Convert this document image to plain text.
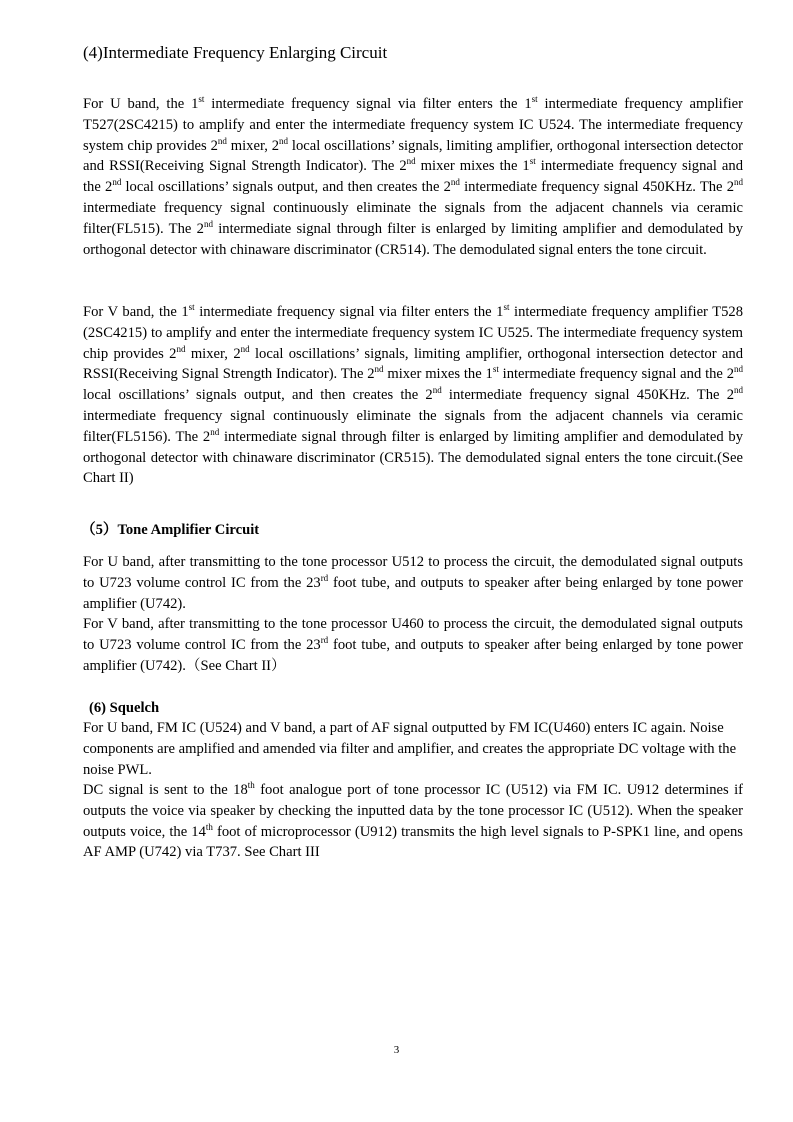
(4)Intermediate Frequency Enlarging Circuit

For U band, the 1st intermediate frequency signal via filter enters the 1st intermediate frequency amplifier T527(2SC4215) to amplify and enter the intermediate frequency system IC U524. The intermediate frequency system chip provides 2nd mixer, 2nd local oscillations’ signals, limiting amplifier, orthogonal intersection detector and RSSI(Receiving Signal Strength Indicator). The 2nd mixer mixes the 1st intermediate frequency signal and the 2nd local oscillations’ signals output, and then creates the 2nd intermediate frequency signal 450KHz. The 2nd intermediate frequency signal continuously eliminate the signals from the adjacent channels via ceramic filter(FL515). The 2nd intermediate signal through filter is enlarged by limiting amplifier and demodulated by orthogonal detector with chinaware discriminator (CR514). The demodulated signal enters the tone circuit.

For V band, the 1st intermediate frequency signal via filter enters the 1st intermediate frequency amplifier T528 (2SC4215) to amplify and enter the intermediate frequency system IC U525. The intermediate frequency system chip provides 2nd mixer, 2nd local oscillations’ signals, limiting amplifier, orthogonal intersection detector and RSSI(Receiving Signal Strength Indicator). The 2nd mixer mixes the 1st intermediate frequency signal and the 2nd local oscillations’ signals output, and then creates the 2nd intermediate frequency signal 450KHz. The 2nd intermediate frequency signal continuously eliminate the signals from the adjacent channels via ceramic filter(FL5156). The 2nd intermediate signal through filter is enlarged by limiting amplifier and demodulated by orthogonal detector with chinaware discriminator (CR515). The demodulated signal enters the tone circuit.(See Chart II)

（5）Tone Amplifier Circuit

For U band, after transmitting to the tone processor U512 to process the circuit, the demodulated signal outputs to U723 volume control IC from the 23rd foot tube, and outputs to speaker after being enlarged by tone power amplifier (U742).

For V band, after transmitting to the tone processor U460 to process the circuit, the demodulated signal outputs to U723 volume control IC from the 23rd foot tube, and outputs to speaker after being enlarged by tone power amplifier (U742).（See Chart II）

(6) Squelch

For U band, FM IC (U524) and V band, a part of AF signal outputted by FM IC(U460) enters IC again. Noise components are amplified and amended via filter and amplifier, and creates the appropriate DC voltage with the noise PWL.

DC signal is sent to the 18th foot analogue port of tone processor IC (U512) via FM IC. U912 determines if outputs the voice via speaker by checking the inputted data by the tone processor IC (U512). When the speaker outputs voice, the 14th foot of microprocessor (U912) transmits the high level signals to P-SPK1 line, and opens AF AMP (U742) via T737. See Chart III

3
